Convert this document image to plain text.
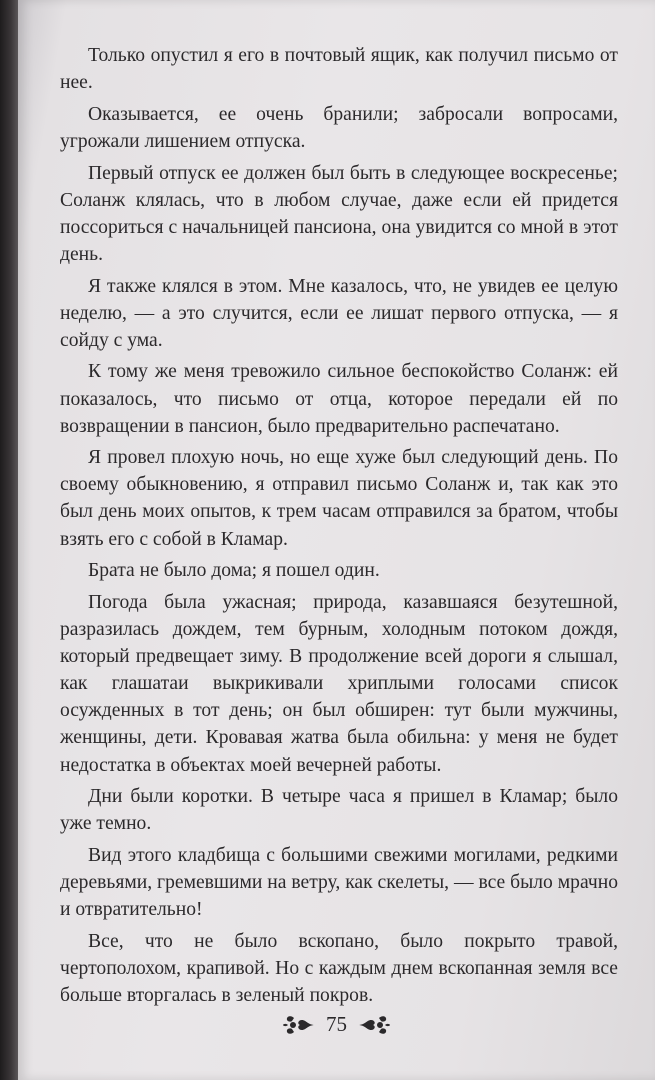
Только опустил я его в почтовый ящик, как получил письмо от нее.

Оказывается, ее очень бранили; забросали вопросами, угрожали лишением отпуска.

Первый отпуск ее должен был быть в следующее воскресенье; Соланж клялась, что в любом случае, даже если ей придется поссориться с начальницей пансиона, она увидится со мной в этот день.

Я также клялся в этом. Мне казалось, что, не увидев ее целую неделю, — а это случится, если ее лишат первого отпуска, — я сойду с ума.

К тому же меня тревожило сильное беспокойство Соланж: ей показалось, что письмо от отца, которое передали ей по возвращении в пансион, было предварительно распечатано.

Я провел плохую ночь, но еще хуже был следующий день. По своему обыкновению, я отправил письмо Соланж и, так как это был день моих опытов, к трем часам отправился за братом, чтобы взять его с собой в Кламар.

Брата не было дома; я пошел один.

Погода была ужасная; природа, казавшаяся безутешной, разразилась дождем, тем бурным, холодным потоком дождя, который предвещает зиму. В продолжение всей дороги я слышал, как глашатаи выкрикивали хриплыми голосами список осужденных в тот день; он был обширен: тут были мужчины, женщины, дети. Кровавая жатва была обильна: у меня не будет недостатка в объектах моей вечерней работы.

Дни были коротки. В четыре часа я пришел в Кламар; было уже темно.

Вид этого кладбища с большими свежими могилами, редкими деревьями, гремевшими на ветру, как скелеты, — все было мрачно и отвратительно!

Все, что не было вскопано, было покрыто травой, чертополохом, крапивой. Но с каждым днем вскопанная земля все больше вторгалась в зеленый покров.

75
